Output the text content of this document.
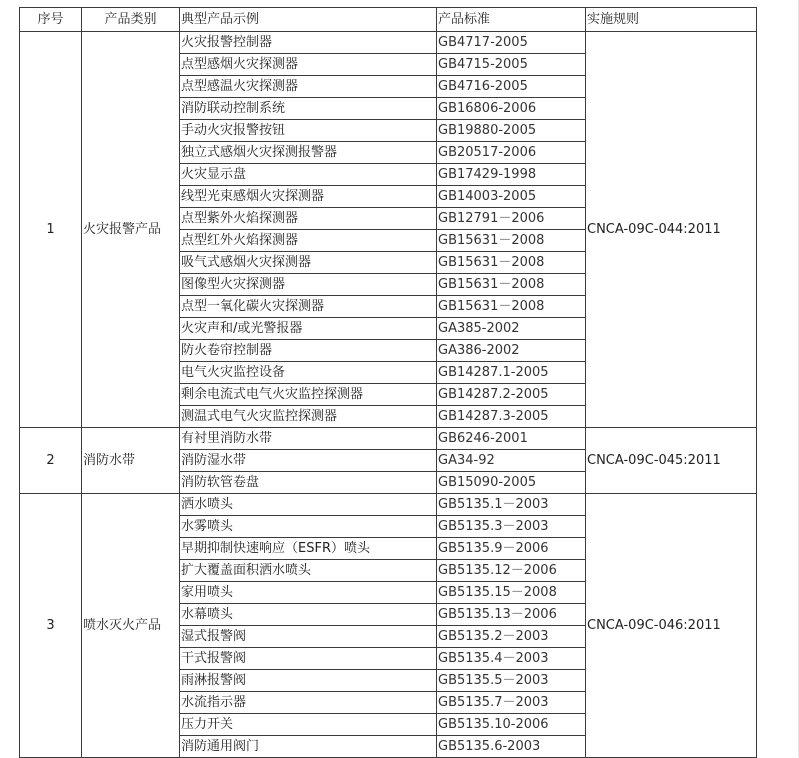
序号	产品类别	典型产品示例	产品标准	实施规则
1	火灾报警产品	火灾报警控制器	GB4717-2005	CNCA-09C-044:2011
		点型感烟火灾探测器	GB4715-2005	
		点型感温火灾探测器	GB4716-2005	
		消防联动控制系统	GB16806-2006	
		手动火灾报警按钮	GB19880-2005	
		独立式感烟火灾探测报警器	GB20517-2006	
		火灾显示盘	GB17429-1998	
		线型光束感烟火灾探测器	GB14003-2005	
		点型紫外火焰探测器	GB12791－2006	
		点型红外火焰探测器	GB15631－2008	
		吸气式感烟火灾探测器	GB15631－2008	
		图像型火灾探测器	GB15631－2008	
		点型一氧化碳火灾探测器	GB15631－2008	
		火灾声和/或光警报器	GA385-2002	
		防火卷帘控制器	GA386-2002	
		电气火灾监控设备	GB14287.1-2005	
		剩余电流式电气火灾监控探测器	GB14287.2-2005	
		测温式电气火灾监控探测器	GB14287.3-2005	
2	消防水带	有衬里消防水带	GB6246-2001	CNCA-09C-045:2011
		消防湿水带	GA34-92	
		消防软管卷盘	GB15090-2005	
3	喷水灭火产品	洒水喷头	GB5135.1－2003	CNCA-09C-046:2011
		水雾喷头	GB5135.3－2003	
		早期抑制快速响应（ESFR）喷头	GB5135.9－2006	
		扩大覆盖面积洒水喷头	GB5135.12－2006	
		家用喷头	GB5135.15－2008	
		水幕喷头	GB5135.13－2006	
		湿式报警阀	GB5135.2－2003	
		干式报警阀	GB5135.4－2003	
		雨淋报警阀	GB5135.5－2003	
		水流指示器	GB5135.7－2003	
		压力开关	GB5135.10-2006	
		消防通用阀门	GB5135.6-2003	
